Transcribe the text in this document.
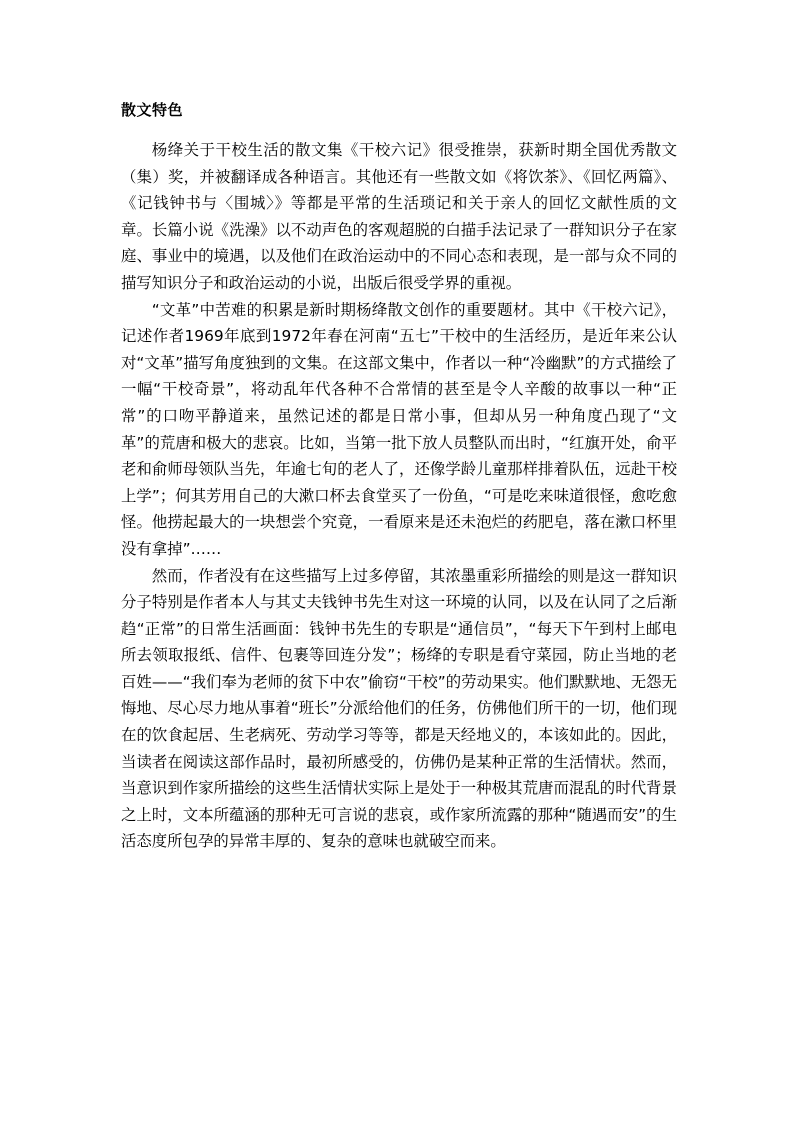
散文特色

杨绛关于干校生活的散文集《干校六记》很受推崇，获新时期全国优秀散文（集）奖，并被翻译成各种语言。其他还有一些散文如《将饮茶》、《回忆两篇》、《记钱钟书与〈围城〉》等都是平常的生活琐记和关于亲人的回忆文献性质的文章。长篇小说《洗澡》以不动声色的客观超脱的白描手法记录了一群知识分子在家庭、事业中的境遇，以及他们在政治运动中的不同心态和表现，是一部与众不同的描写知识分子和政治运动的小说，出版后很受学界的重视。

“文革”中苦难的积累是新时期杨绛散文创作的重要题材。其中《干校六记》，记述作者1969年底到1972年春在河南“五七”干校中的生活经历，是近年来公认对“文革”描写角度独到的文集。在这部文集中，作者以一种“冷幽默”的方式描绘了一幅“干校奇景”，将动乱年代各种不合常情的甚至是令人辛酸的故事以一种“正常”的口吻平静道来，虽然记述的都是日常小事，但却从另一种角度凸现了“文革”的荒唐和极大的悲哀。比如，当第一批下放人员整队而出时，“红旗开处，俞平老和俞师母领队当先，年逾七旬的老人了，还像学龄儿童那样排着队伍，远赴干校上学”；何其芳用自己的大漱口杯去食堂买了一份鱼，“可是吃来味道很怪，愈吃愈怪。他捞起最大的一块想尝个究竟，一看原来是还未泡烂的药肥皂，落在漱口杯里没有拿掉”……

然而，作者没有在这些描写上过多停留，其浓墨重彩所描绘的则是这一群知识分子特别是作者本人与其丈夫钱钟书先生对这一环境的认同，以及在认同了之后渐趋“正常”的日常生活画面：钱钟书先生的专职是“通信员”，“每天下午到村上邮电所去领取报纸、信件、包裹等回连分发”；杨绛的专职是看守菜园，防止当地的老百姓——“我们奉为老师的贫下中农”偷窃“干校”的劳动果实。他们默默地、无怨无悔地、尽心尽力地从事着“班长”分派给他们的任务，仿佛他们所干的一切，他们现在的饮食起居、生老病死、劳动学习等等，都是天经地义的，本该如此的。因此，当读者在阅读这部作品时，最初所感受的，仿佛仍是某种正常的生活情状。然而，当意识到作家所描绘的这些生活情状实际上是处于一种极其荒唐而混乱的时代背景之上时，文本所蕴涵的那种无可言说的悲哀，或作家所流露的那种“随遇而安”的生活态度所包孕的异常丰厚的、复杂的意味也就破空而来。
